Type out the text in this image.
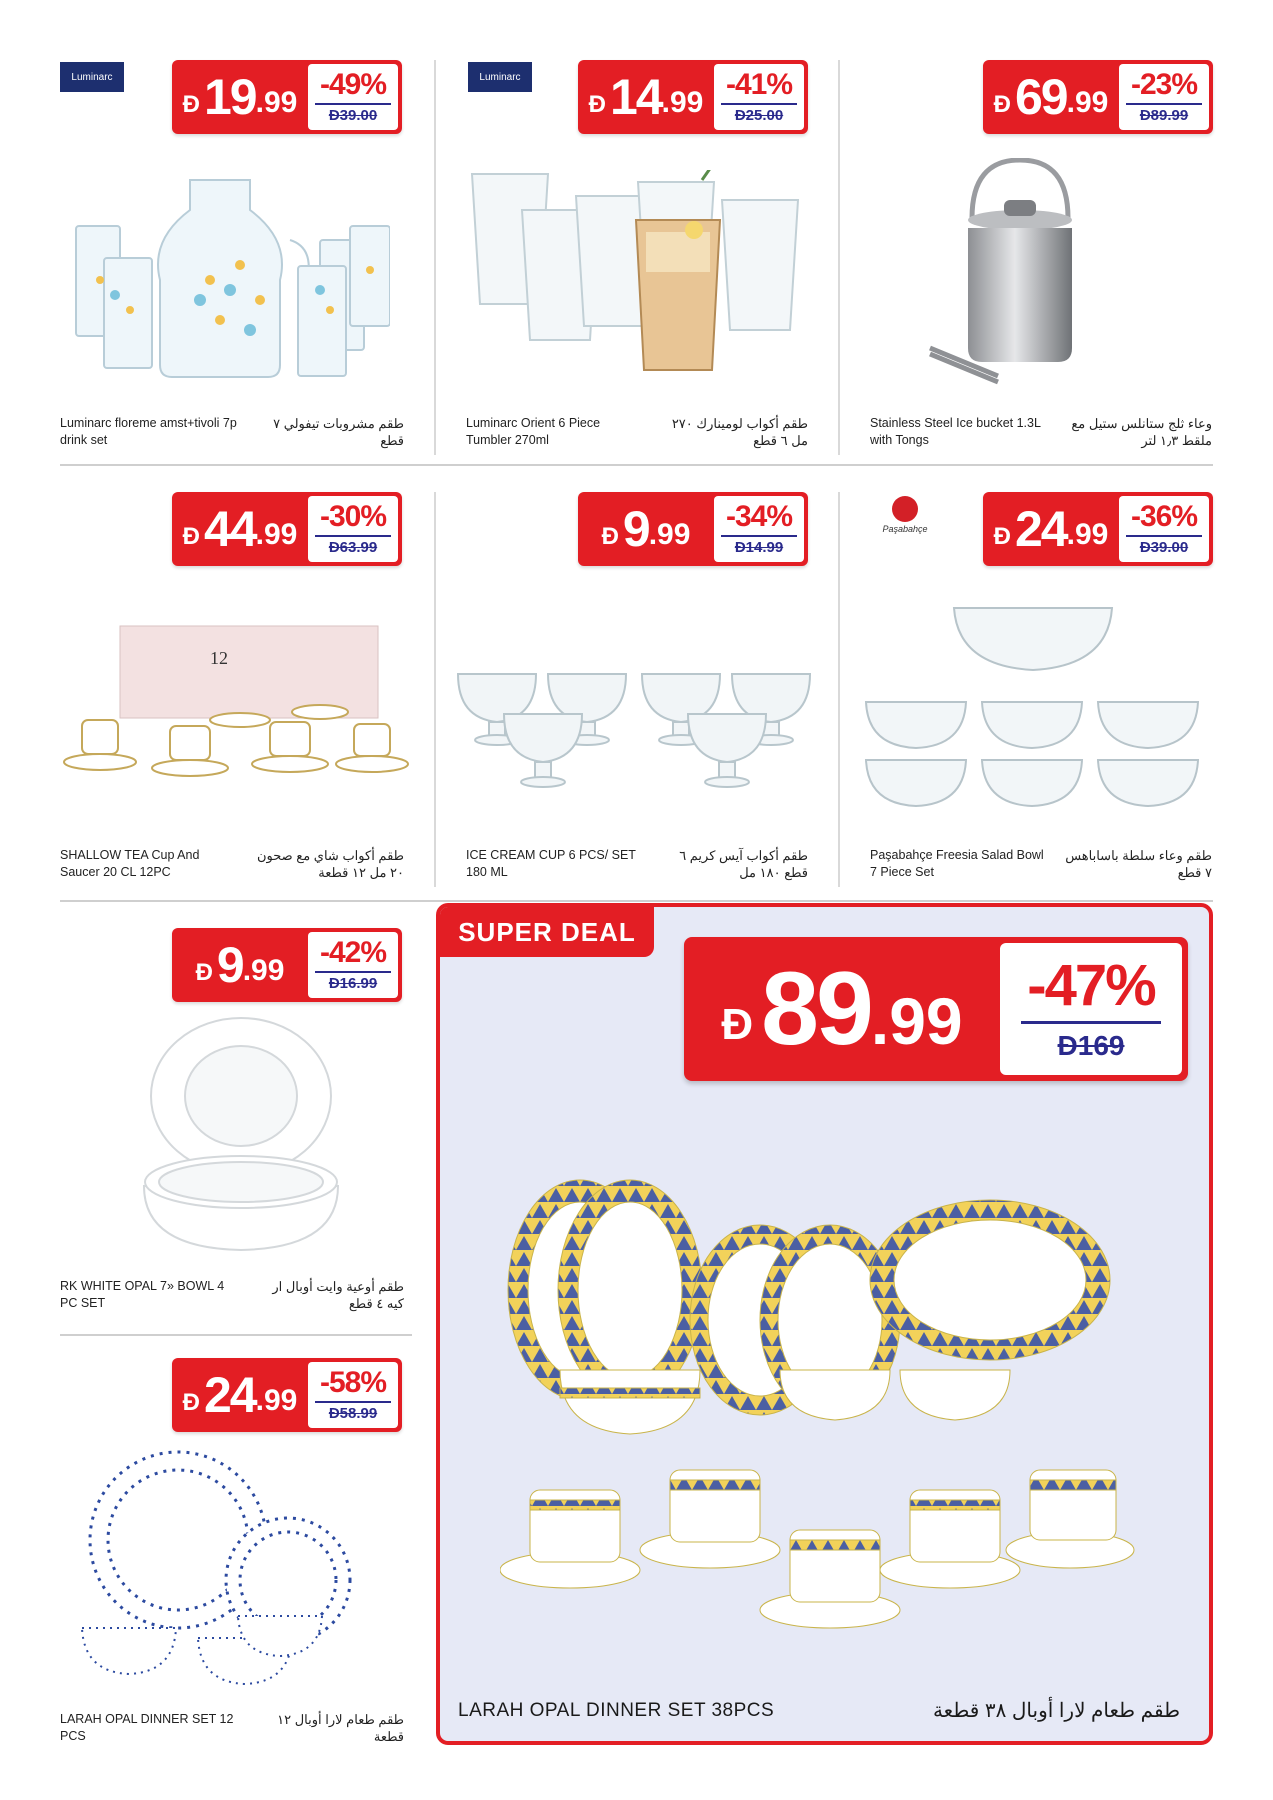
Luminarc
Đ 19 .99
-49%
Đ39.00
Luminarc floreme amst+tivoli 7p drink set
طقم مشروبات تيفولي ٧ قطع
Luminarc
Đ 14 .99
-41%
Đ25.00
Luminarc Orient 6 Piece Tumbler 270ml
طقم أكواب لومينارك ٢٧٠ مل ٦ قطع
Đ 69 .99
-23%
Đ89.99
Stainless Steel Ice bucket 1.3L with Tongs
وعاء ثلج ستانلس ستيل مع ملقط ١٫٣ لتر
Đ 44 .99
-30%
Đ63.99
12
SHALLOW TEA Cup And Saucer 20 CL 12PC
طقم أكواب شاي مع صحون ٢٠ مل ١٢ قطعة
Đ 9 .99
-34%
Đ14.99
ICE CREAM CUP 6 PCS/ SET 180 ML
طقم أكواب آيس كريم ٦ قطع ١٨٠ مل
Paşabahçe	Đ 24 .99
-36%
Đ39.00
Paşabahçe Freesia Salad Bowl 7 Piece Set
طقم وعاء سلطة باساباهس ٧ قطع
Đ 9 .99
-42%
Đ16.99
RK WHITE OPAL 7» BOWL 4 PC SET
طقم أوعية وايت أوبال ار كيه ٤ قطع
Đ 24 .99
-58%
Đ58.99
LARAH OPAL DINNER SET 12 PCS
طقم طعام لارا أوبال ١٢ قطعة
SUPER DEAL
Đ 89 .99 -47%
Đ169
LARAH OPAL DINNER SET 38PCS	طقم طعام لارا أوبال ٣٨ قطعة
